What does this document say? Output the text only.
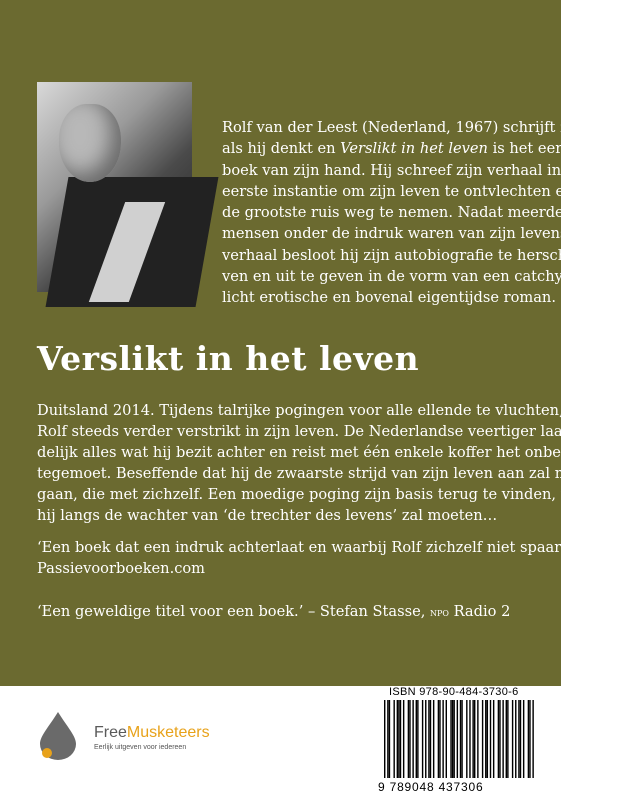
Rolf van der Leest (Nederland, 1967) schrijft zo-
als hij denkt en Verslikt in het leven is het eerste
boek van zijn hand. Hij schreef zijn verhaal in
eerste instantie om zijn leven te ontvlechten en
de grootste ruis weg te nemen. Nadat meerdere
mensen onder de indruk waren van zijn levens-
verhaal besloot hij zijn autobiografie te herschrij-
ven en uit te geven in de vorm van een catchy,
licht erotische en bovenal eigentijdse roman.
Verslikt in het leven
Duitsland 2014. Tijdens talrijke pogingen voor alle ellende te vluchten, raakt
Rolf steeds verder verstrikt in zijn leven. De Nederlandse veertiger laat uiteind-
delijk alles wat hij bezit achter en reist met één enkele koffer het onbekende
tegemoet. Beseffende dat hij de zwaarste strijd van zijn leven aan zal moeten
gaan, die met zichzelf. Een moedige poging zijn basis terug te vinden, waarbij
hij langs de wachter van ‘de trechter des levens’ zal moeten…
‘Een boek dat een indruk achterlaat en waarbij Rolf zichzelf niet spaart.’ –
Passievoorboeken.com
‘Een geweldige titel voor een boek.’ – Stefan Stasse, npo Radio 2
FreeMusketeers
Eerlijk uitgeven voor iedereen
ISBN 978-90-484-3730-6
9 789048 437306
